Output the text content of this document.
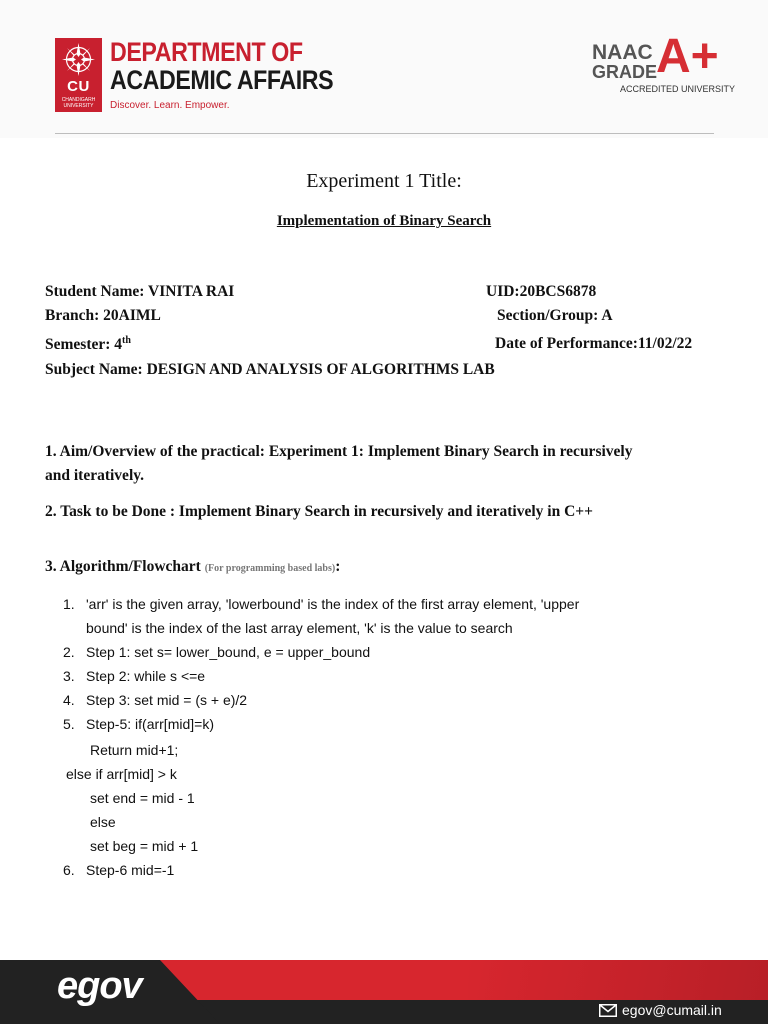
CU
CHANDIGARH UNIVERSITY
DEPARTMENT OF
ACADEMIC AFFAIRS
Discover. Learn. Empower.
NAAC
GRADE
A+
ACCREDITED UNIVERSITY
Experiment 1 Title:
Implementation of Binary Search
Student Name: VINITA RAI	UID:20BCS6878
Branch: 20AIML	Section/Group: A
Semester: 4th	Date of Performance:11/02/22
Subject Name: DESIGN AND ANALYSIS OF ALGORITHMS LAB
1. Aim/Overview of the practical: Experiment 1: Implement Binary Search in recursively
and iteratively.
2. Task to be Done : Implement Binary Search in recursively and iteratively in C++
3. Algorithm/Flowchart (For programming based labs):
1. 'arr' is the given array, 'lowerbound' is the index of the first array element, 'upper
bound' is the index of the last array element, 'k' is the value to search
2. Step 1: set s= lower_bound, e = upper_bound
3. Step 2: while s <=e
4. Step 3: set mid = (s + e)/2
5. Step-5: if(arr[mid]=k)
Return mid+1;
else if arr[mid] > k
set end = mid - 1
else
set beg = mid + 1
6. Step-6 mid=-1
egov
egov@cumail.in
